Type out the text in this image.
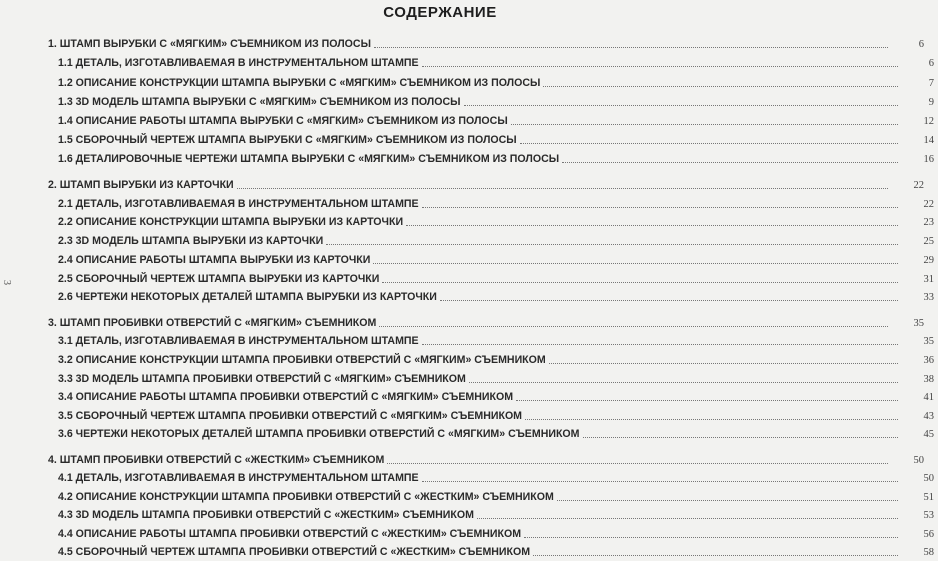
СОДЕРЖАНИЕ
3
1. ШТАМП ВЫРУБКИ С «МЯГКИМ» СЪЕМНИКОМ ИЗ ПОЛОСЫ	6
1.1 ДЕТАЛЬ, ИЗГОТАВЛИВАЕМАЯ В ИНСТРУМЕНТАЛЬНОМ ШТАМПЕ	6
1.2 ОПИСАНИЕ КОНСТРУКЦИИ ШТАМПА ВЫРУБКИ С «МЯГКИМ» СЪЕМНИКОМ ИЗ ПОЛОСЫ	7
1.3 3D МОДЕЛЬ ШТАМПА ВЫРУБКИ С «МЯГКИМ» СЪЕМНИКОМ ИЗ ПОЛОСЫ	9
1.4 ОПИСАНИЕ РАБОТЫ ШТАМПА ВЫРУБКИ С «МЯГКИМ» СЪЕМНИКОМ ИЗ ПОЛОСЫ	12
1.5 СБОРОЧНЫЙ ЧЕРТЕЖ ШТАМПА ВЫРУБКИ С «МЯГКИМ» СЪЕМНИКОМ ИЗ ПОЛОСЫ	14
1.6 ДЕТАЛИРОВОЧНЫЕ ЧЕРТЕЖИ ШТАМПА ВЫРУБКИ С «МЯГКИМ» СЪЕМНИКОМ ИЗ ПОЛОСЫ	16
2. ШТАМП ВЫРУБКИ ИЗ КАРТОЧКИ	22
2.1 ДЕТАЛЬ, ИЗГОТАВЛИВАЕМАЯ В ИНСТРУМЕНТАЛЬНОМ ШТАМПЕ	22
2.2 ОПИСАНИЕ КОНСТРУКЦИИ ШТАМПА ВЫРУБКИ ИЗ КАРТОЧКИ	23
2.3 3D МОДЕЛЬ ШТАМПА ВЫРУБКИ ИЗ КАРТОЧКИ	25
2.4 ОПИСАНИЕ РАБОТЫ ШТАМПА ВЫРУБКИ ИЗ КАРТОЧКИ	29
2.5 СБОРОЧНЫЙ ЧЕРТЕЖ ШТАМПА ВЫРУБКИ ИЗ КАРТОЧКИ	31
2.6 ЧЕРТЕЖИ НЕКОТОРЫХ ДЕТАЛЕЙ ШТАМПА ВЫРУБКИ ИЗ КАРТОЧКИ	33
3. ШТАМП ПРОБИВКИ ОТВЕРСТИЙ С «МЯГКИМ» СЪЕМНИКОМ	35
3.1 ДЕТАЛЬ, ИЗГОТАВЛИВАЕМАЯ В ИНСТРУМЕНТАЛЬНОМ ШТАМПЕ	35
3.2 ОПИСАНИЕ КОНСТРУКЦИИ ШТАМПА ПРОБИВКИ ОТВЕРСТИЙ С «МЯГКИМ» СЪЕМНИКОМ	36
3.3 3D МОДЕЛЬ ШТАМПА ПРОБИВКИ ОТВЕРСТИЙ С «МЯГКИМ» СЪЕМНИКОМ	38
3.4 ОПИСАНИЕ РАБОТЫ ШТАМПА ПРОБИВКИ ОТВЕРСТИЙ С «МЯГКИМ» СЪЕМНИКОМ	41
3.5 СБОРОЧНЫЙ ЧЕРТЕЖ ШТАМПА ПРОБИВКИ ОТВЕРСТИЙ С «МЯГКИМ» СЪЕМНИКОМ	43
3.6 ЧЕРТЕЖИ НЕКОТОРЫХ ДЕТАЛЕЙ ШТАМПА ПРОБИВКИ ОТВЕРСТИЙ С «МЯГКИМ» СЪЕМНИКОМ	45
4. ШТАМП ПРОБИВКИ ОТВЕРСТИЙ С «ЖЕСТКИМ» СЪЕМНИКОМ	50
4.1 ДЕТАЛЬ, ИЗГОТАВЛИВАЕМАЯ В ИНСТРУМЕНТАЛЬНОМ ШТАМПЕ	50
4.2 ОПИСАНИЕ КОНСТРУКЦИИ ШТАМПА ПРОБИВКИ ОТВЕРСТИЙ С «ЖЕСТКИМ» СЪЕМНИКОМ	51
4.3 3D МОДЕЛЬ ШТАМПА ПРОБИВКИ ОТВЕРСТИЙ С «ЖЕСТКИМ» СЪЕМНИКОМ	53
4.4 ОПИСАНИЕ РАБОТЫ ШТАМПА ПРОБИВКИ ОТВЕРСТИЙ С «ЖЕСТКИМ» СЪЕМНИКОМ	56
4.5 СБОРОЧНЫЙ ЧЕРТЕЖ ШТАМПА ПРОБИВКИ ОТВЕРСТИЙ С «ЖЕСТКИМ» СЪЕМНИКОМ	58
